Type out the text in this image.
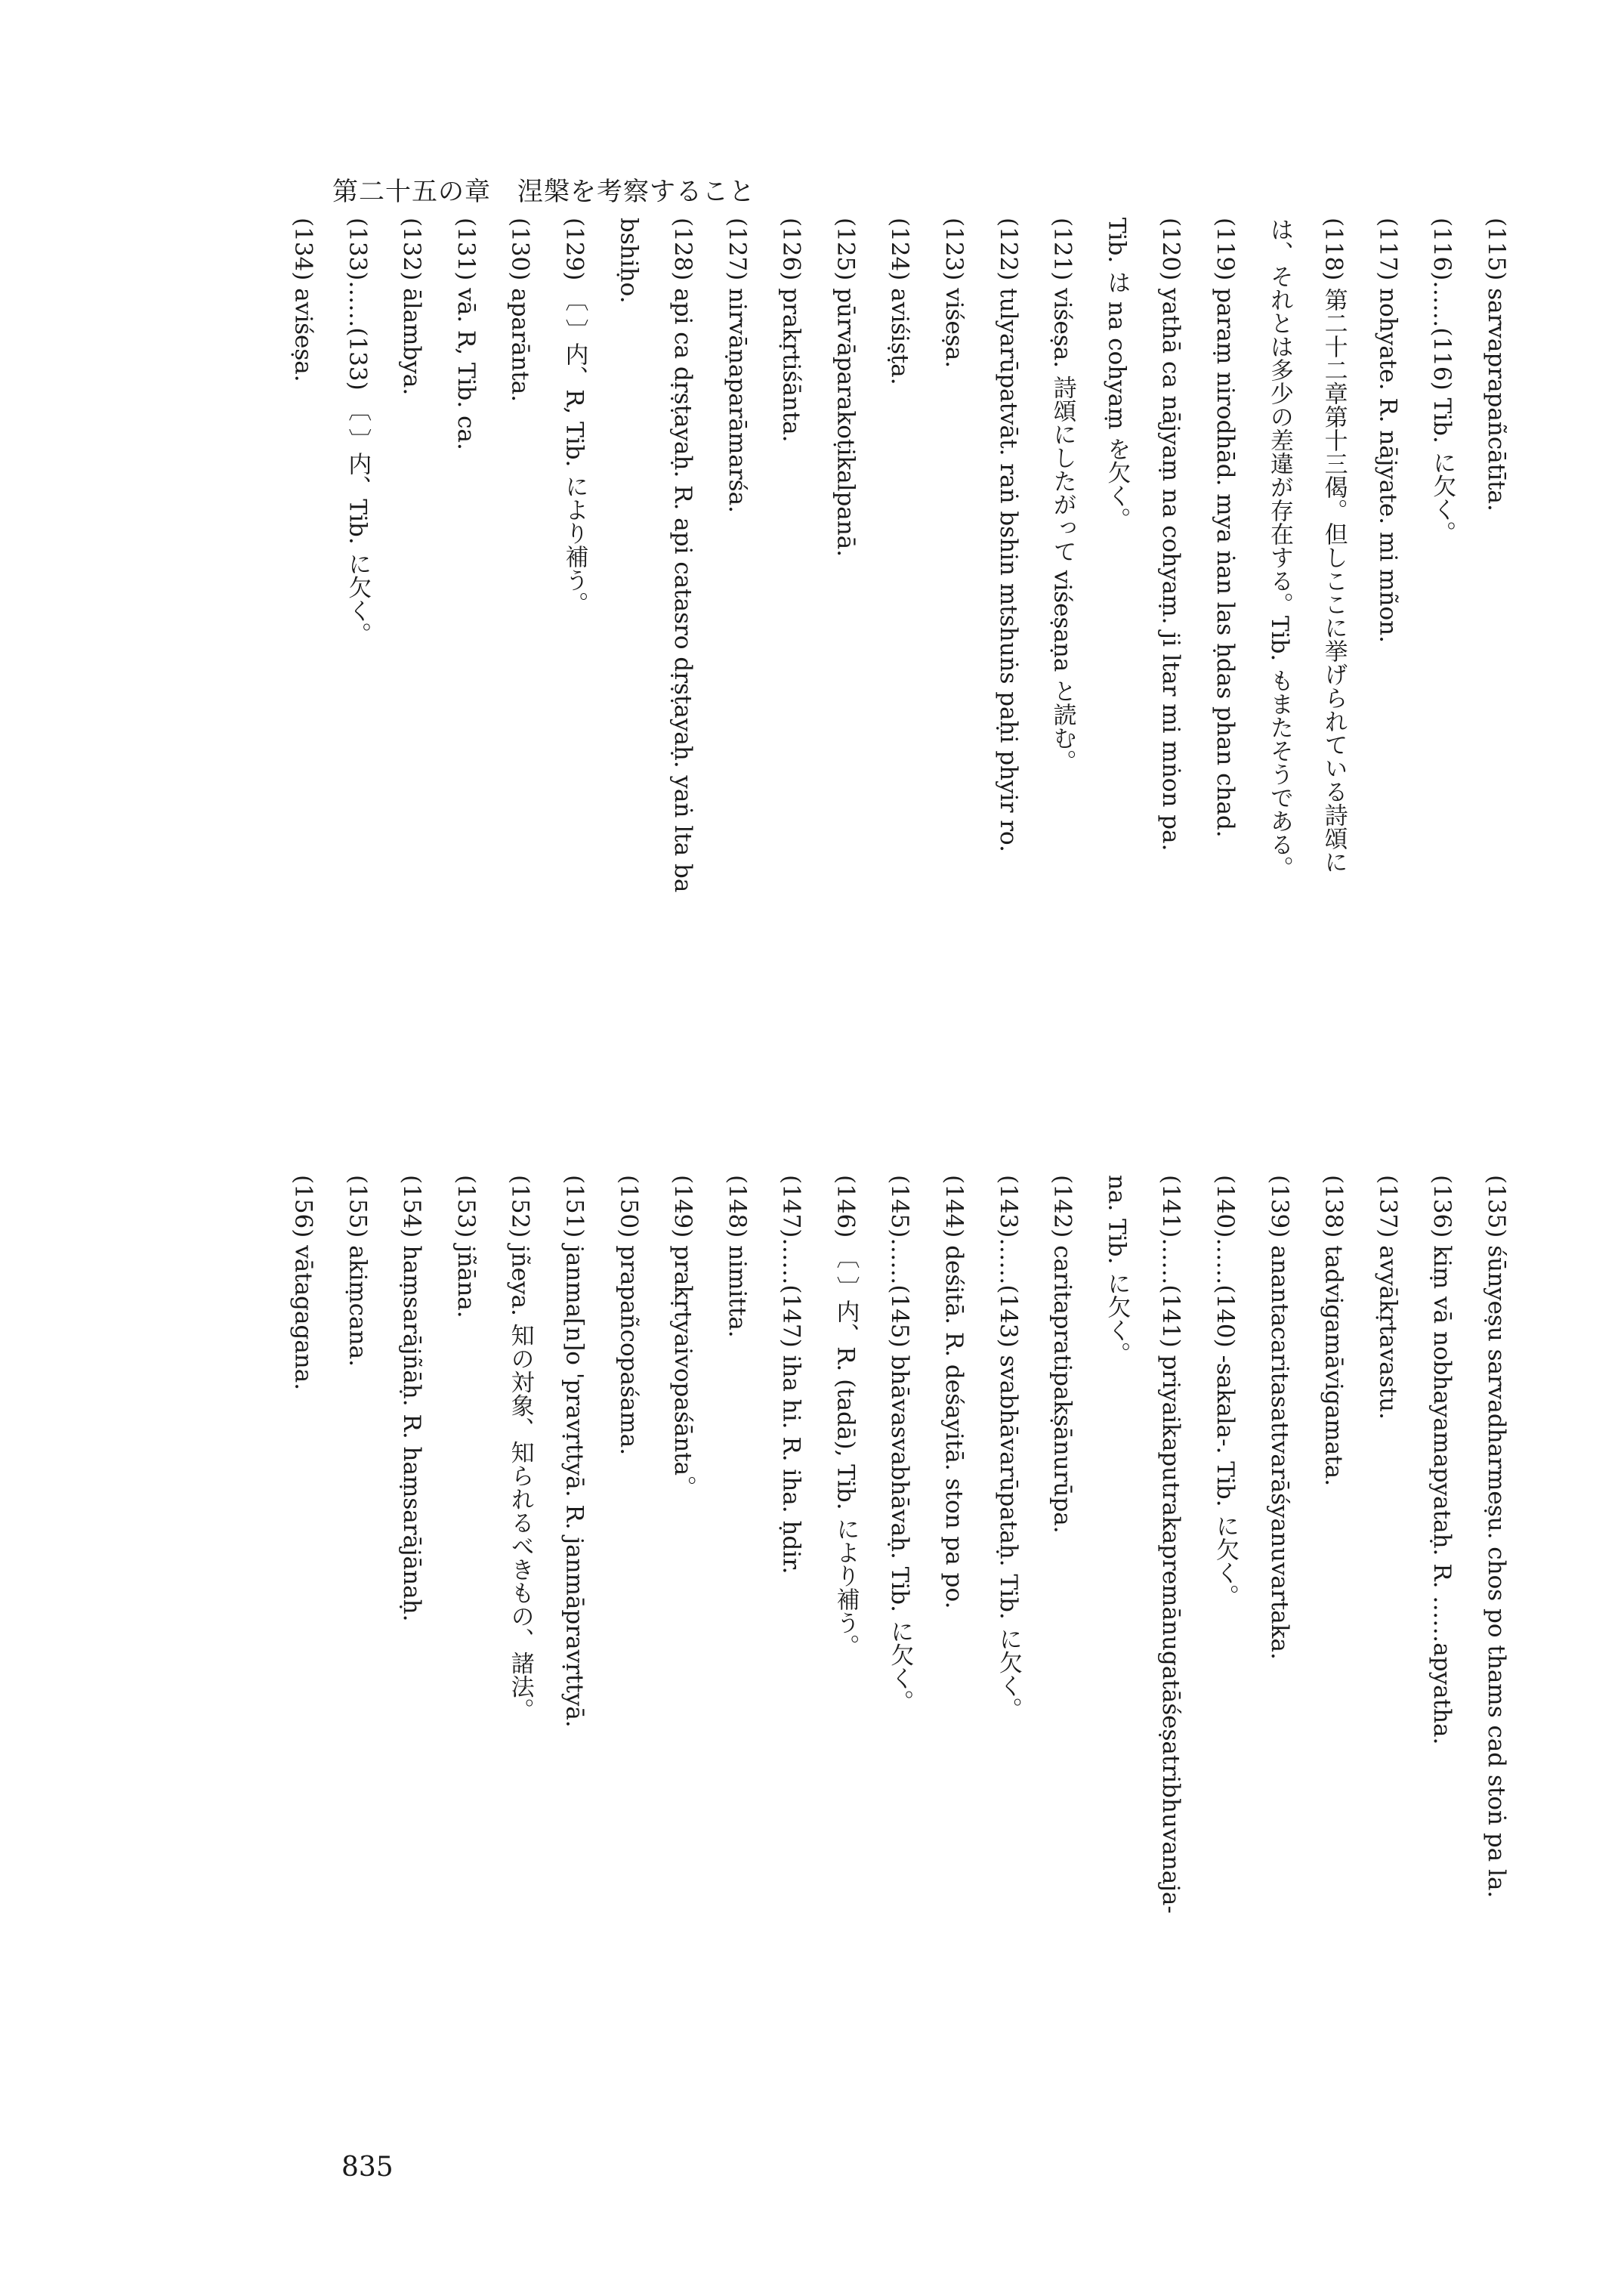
第二十五の章　涅槃を考察すること
(115) sarvaprapañcātīta.
(116)……(116) Tib. に欠く。
(117) nohyate. R. nājyate. mi mñon.
(118) 第二十二章第十三偈。但しここに挙げられている詩頌に
は、それとは多少の差違が存在する。Tib. もまたそうである。
(119) paraṃ nirodhād. mya ṅan las ḥdas phan chad.
(120) yathā ca nājyaṃ na cohyaṃ. ji ltar mi mṅon pa.
Tib. は na cohyaṃ を欠く。
(121) viśeṣa. 詩頌にしたがって viśeṣaṇa と読む。
(122) tulyarūpatvāt. raṅ bshin mtshuṅs paḥi phyir ro.
(123) viśeṣa.
(124) aviśiṣṭa.
(125) pūrvāparakoṭikalpanā.
(126) prakṛtiśānta.
(127) nirvāṇaparāmarśa.
(128) api ca dṛṣṭayaḥ. R. api catasro dṛṣṭayaḥ. yaṅ lta ba
bshiḥo.
(129) 〔 〕内、R, Tib. により補う。
(130) aparānta.
(131) vā. R, Tib. ca.
(132) ālambya.
(133)……(133) 〔 〕内、Tib. に欠く。
(134) aviśeṣa.
(135) śūnyeṣu sarvadharmeṣu. chos po thams cad stoṅ pa la.
(136) kiṃ vā nobhayamapyataḥ. R. ……apyatha.
(137) avyākṛtavastu.
(138) tadvigamāvigamata.
(139) anantacaritasattvarāśyanuvartaka.
(140)……(140) -sakala-. Tib. に欠く。
(141)……(141) priyaikaputrakapremānugatāśeṣatribhuvanaja-
na. Tib. に欠く。
(142) caritapratipakṣānurūpa.
(143)……(143) svabhāvarūpataḥ. Tib. に欠く。
(144) deśitā. R. deśayitā. ston pa po.
(145)……(145) bhāvasvabhāvaḥ. Tib. に欠く。
(146) 〔 〕内、R. (tadā), Tib. により補う。
(147)……(147) iha hi. R. iha. ḥdir.
(148) nimitta.
(149) prakṛtyaivopaśānta。
(150) prapañcopaśama.
(151) janma[n]o 'pravṛttyā. R. janmāpravṛttyā.
(152) jñeya. 知の対象、知られるべきもの、諸法。
(153) jñāna.
(154) haṃsarājñāḥ. R. haṃsarājānaḥ.
(155) akiṃcana.
(156) vātagagana.
835
